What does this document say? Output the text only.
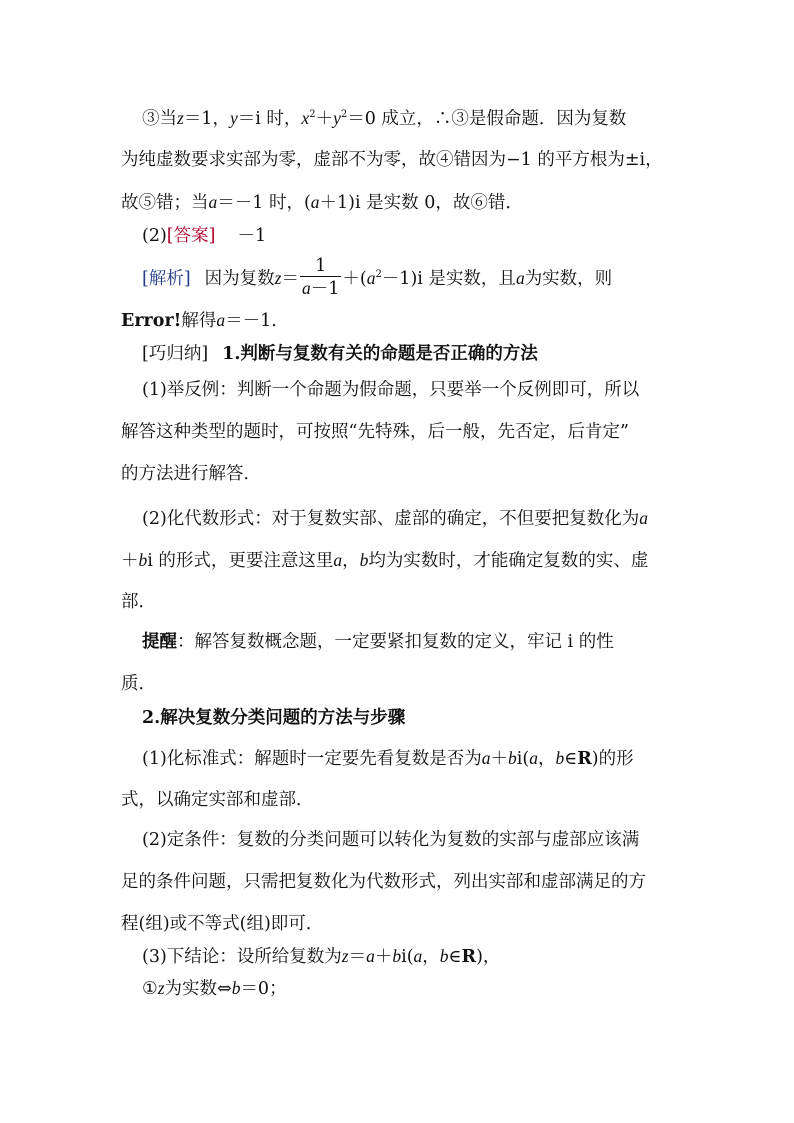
③当z＝1，y＝i 时，$x^2+y^2=0$ 成立，∴③是假命题．因为复数
为纯虚数要求实部为零，虚部不为零，故④错因为−1 的平方根为±i，
故⑤错；当a＝－1 时，(a＋1)i 是实数 0，故⑥错．
(2)[答案] －1
[解析] 因为复数$z= \frac{1}{a-1} +(a^2-1)i$ 是实数，且a为实数，则
Error!解得a＝－1.
[巧归纳] 1.判断与复数有关的命题是否正确的方法
(1)举反例：判断一个命题为假命题，只要举一个反例即可，所以
解答这种类型的题时，可按照“先特殊，后一般，先否定，后肯定”
的方法进行解答．
(2)化代数形式：对于复数实部、虚部的确定，不但要把复数化为a
＋bi 的形式，更要注意这里a，b均为实数时，才能确定复数的实、虚
部．
提醒：解答复数概念题，一定要紧扣复数的定义，牢记 i 的性
质．
2.解决复数分类问题的方法与步骤
(1)化标准式：解题时一定要先看复数是否为a＋bi(a，b∈R)的形
式，以确定实部和虚部．
(2)定条件：复数的分类问题可以转化为复数的实部与虚部应该满
足的条件问题，只需把复数化为代数形式，列出实部和虚部满足的方
程(组)或不等式(组)即可．
(3)下结论：设所给复数为z＝a＋bi(a，b∈R)，
①z为实数⇔b＝0；
